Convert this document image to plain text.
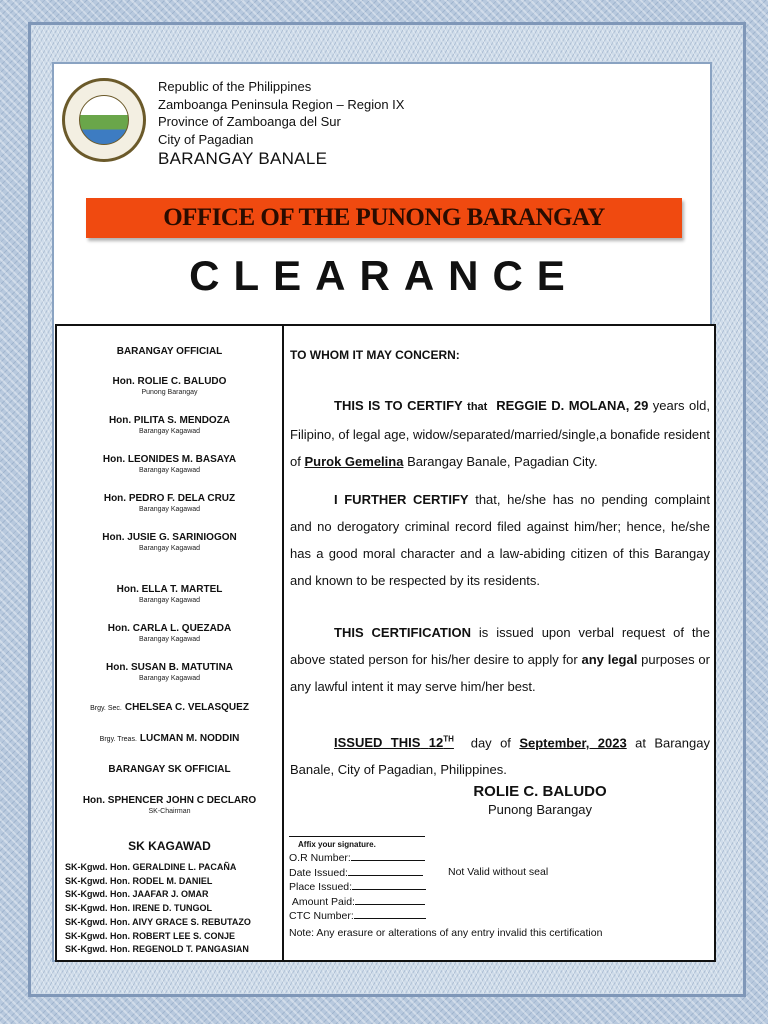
Republic of the Philippines
Zamboanga Peninsula Region – Region IX
Province of Zamboanga del Sur
City of Pagadian
BARANGAY BANALE
OFFICE OF THE PUNONG BARANGAY
CLEARANCE
BARANGAY OFFICIAL
Hon. ROLIE C. BALUDO
Punong Barangay
Hon. PILITA S. MENDOZA
Barangay Kagawad
Hon. LEONIDES M. BASAYA
Barangay Kagawad
Hon. PEDRO F. DELA CRUZ
Barangay Kagawad
Hon. JUSIE G. SARINIOGON
Barangay Kagawad
Hon. ELLA T. MARTEL
Barangay Kagawad
Hon. CARLA L. QUEZADA
Barangay Kagawad
Hon. SUSAN B. MATUTINA
Barangay Kagawad
Brgy. Sec. CHELSEA C. VELASQUEZ
Brgy. Treas. LUCMAN M. NODDIN
BARANGAY SK OFFICIAL
Hon. SPHENCER JOHN C DECLARO
SK-Chairman
SK KAGAWAD
SK-Kgwd. Hon. GERALDINE L. PACAÑA
SK-Kgwd. Hon. RODEL M. DANIEL
SK-Kgwd. Hon. JAAFAR J. OMAR
SK-Kgwd. Hon. IRENE D. TUNGOL
SK-Kgwd. Hon. AIVY GRACE S. REBUTAZO
SK-Kgwd. Hon. ROBERT LEE S. CONJE
SK-Kgwd. Hon. REGENOLD T. PANGASIAN
TO WHOM IT MAY CONCERN:
THIS IS TO CERTIFY that REGGIE D. MOLANA, 29 years old, Filipino, of legal age, widow/separated/married/single,a bonafide resident of Purok Gemelina Barangay Banale, Pagadian City.
I FURTHER CERTIFY that, he/she has no pending complaint and no derogatory criminal record filed against him/her; hence, he/she has a good moral character and a law-abiding citizen of this Barangay and known to be respected by its residents.
THIS CERTIFICATION is issued upon verbal request of the above stated person for his/her desire to apply for any legal purposes or any lawful intent it may serve him/her best.
ISSUED THIS 12TH day of September, 2023 at Barangay Banale, City of Pagadian, Philippines.
ROLIE C. BALUDO
Punong Barangay
Affix your signature.
O.R Number:
Date Issued:
Place Issued:
Amount Paid:
CTC Number:
Not Valid without seal
Note: Any erasure or alterations of any entry invalid this certification
